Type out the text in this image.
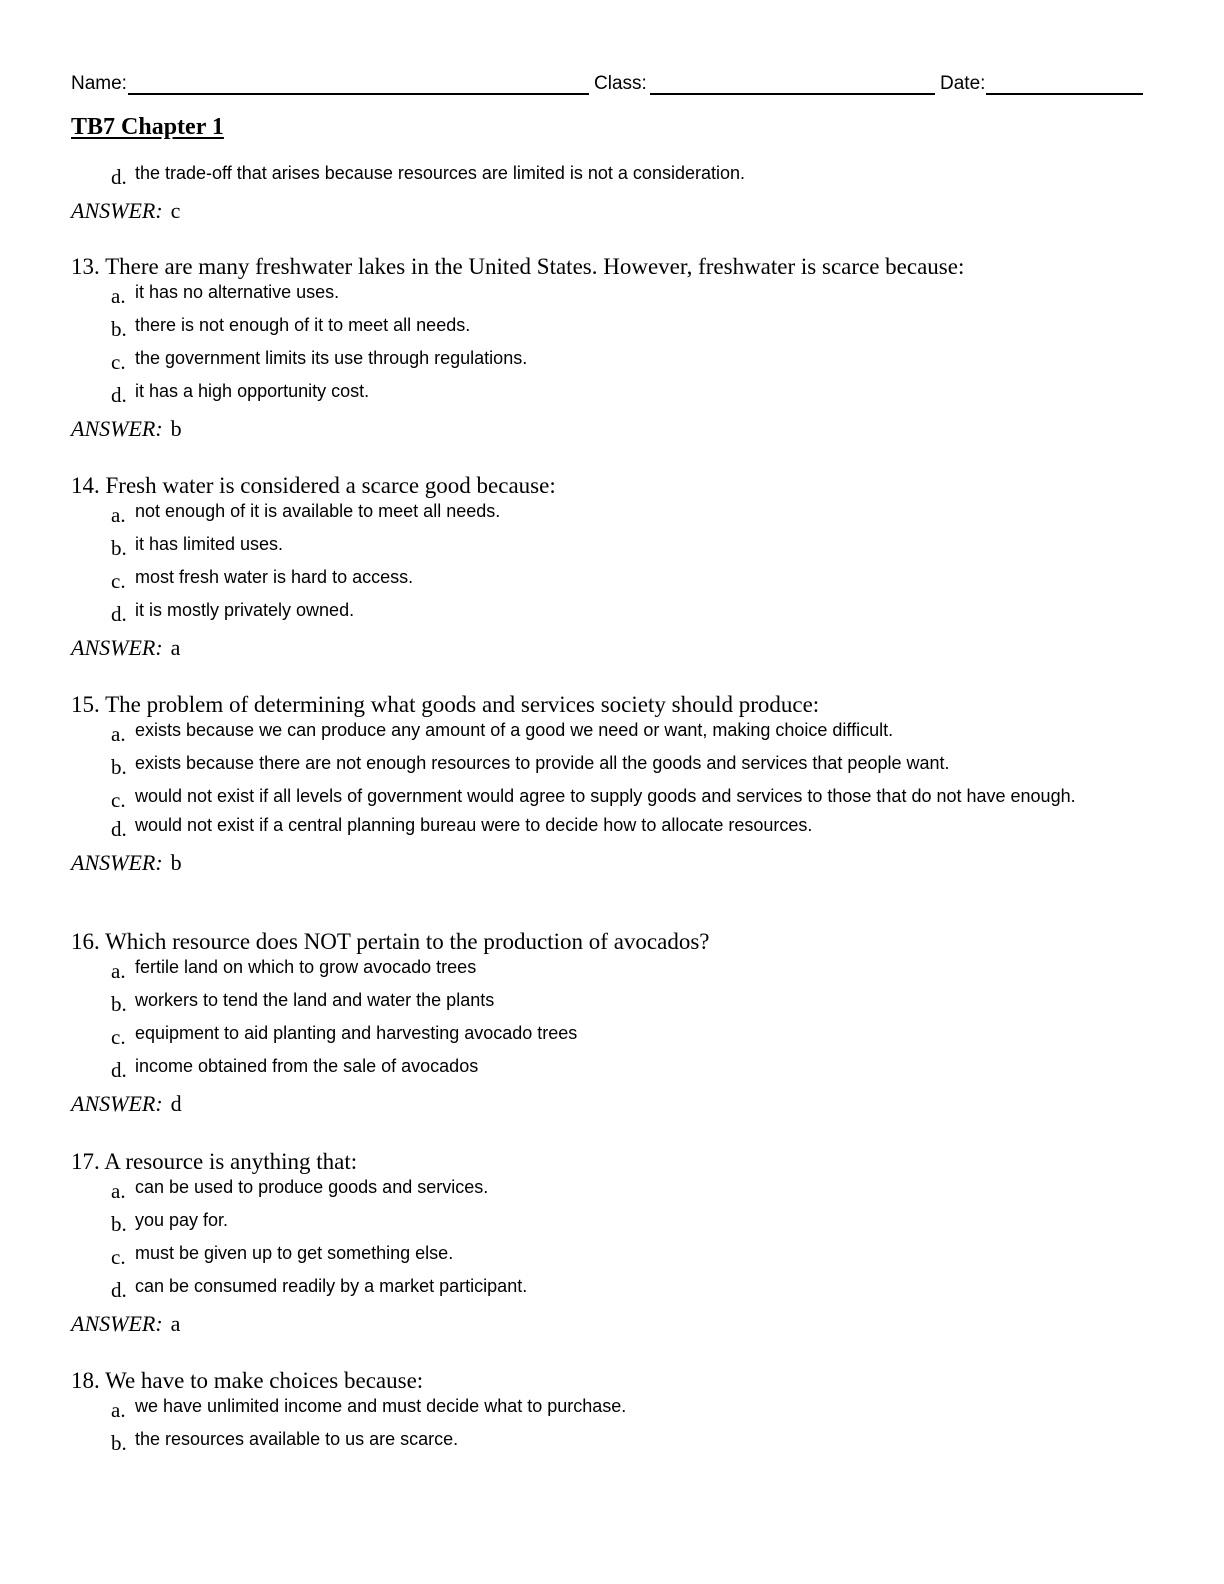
Name:	Class:	Date:
TB7 Chapter 1
d. the trade-off that arises because resources are limited is not a consideration.
ANSWER: c
13. There are many freshwater lakes in the United States. However, freshwater is scarce because:
a. it has no alternative uses.
b. there is not enough of it to meet all needs.
c. the government limits its use through regulations.
d. it has a high opportunity cost.
ANSWER: b
14. Fresh water is considered a scarce good because:
a. not enough of it is available to meet all needs.
b. it has limited uses.
c. most fresh water is hard to access.
d. it is mostly privately owned.
ANSWER: a
15. The problem of determining what goods and services society should produce:
a. exists because we can produce any amount of a good we need or want, making choice difficult.
b. exists because there are not enough resources to provide all the goods and services that people want.
c. would not exist if all levels of government would agree to supply goods and services to those that do not have enough.
d. would not exist if a central planning bureau were to decide how to allocate resources.
ANSWER: b
16. Which resource does NOT pertain to the production of avocados?
a. fertile land on which to grow avocado trees
b. workers to tend the land and water the plants
c. equipment to aid planting and harvesting avocado trees
d. income obtained from the sale of avocados
ANSWER: d
17. A resource is anything that:
a. can be used to produce goods and services.
b. you pay for.
c. must be given up to get something else.
d. can be consumed readily by a market participant.
ANSWER: a
18. We have to make choices because:
a. we have unlimited income and must decide what to purchase.
b. the resources available to us are scarce.
